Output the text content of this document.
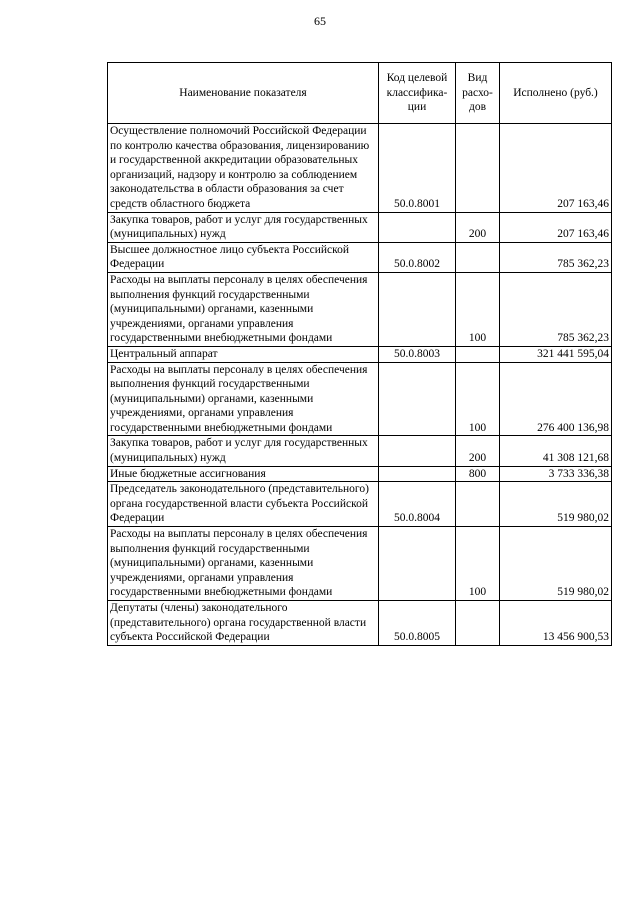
65
Наименование показателя	Код целевой классифика-ции	Вид расхо-дов	Исполнено (руб.)
Осуществление полномочий Российской Федерации по контролю качества образования, лицензированию и государственной аккредитации образовательных организаций, надзору и контролю за соблюдением законодательства в области образования за счет средств областного бюджета	50.0.8001		207 163,46
Закупка товаров, работ и услуг для государственных (муниципальных) нужд		200	207 163,46
Высшее должностное лицо субъекта Российской Федерации	50.0.8002		785 362,23
Расходы на выплаты персоналу в целях обеспечения выполнения функций государственными (муниципальными) органами, казенными учреждениями, органами управления государственными внебюджетными фондами		100	785 362,23
Центральный аппарат	50.0.8003		321 441 595,04
Расходы на выплаты персоналу в целях обеспечения выполнения функций государственными (муниципальными) органами, казенными учреждениями, органами управления государственными внебюджетными фондами		100	276 400 136,98
Закупка товаров, работ и услуг для государственных (муниципальных) нужд		200	41 308 121,68
Иные бюджетные ассигнования		800	3 733 336,38
Председатель законодательного (представительного) органа государственной власти субъекта Российской Федерации	50.0.8004		519 980,02
Расходы на выплаты персоналу в целях обеспечения выполнения функций государственными (муниципальными) органами, казенными учреждениями, органами управления государственными внебюджетными фондами		100	519 980,02
Депутаты (члены) законодательного (представительного) органа государственной власти субъекта Российской Федерации	50.0.8005		13 456 900,53
